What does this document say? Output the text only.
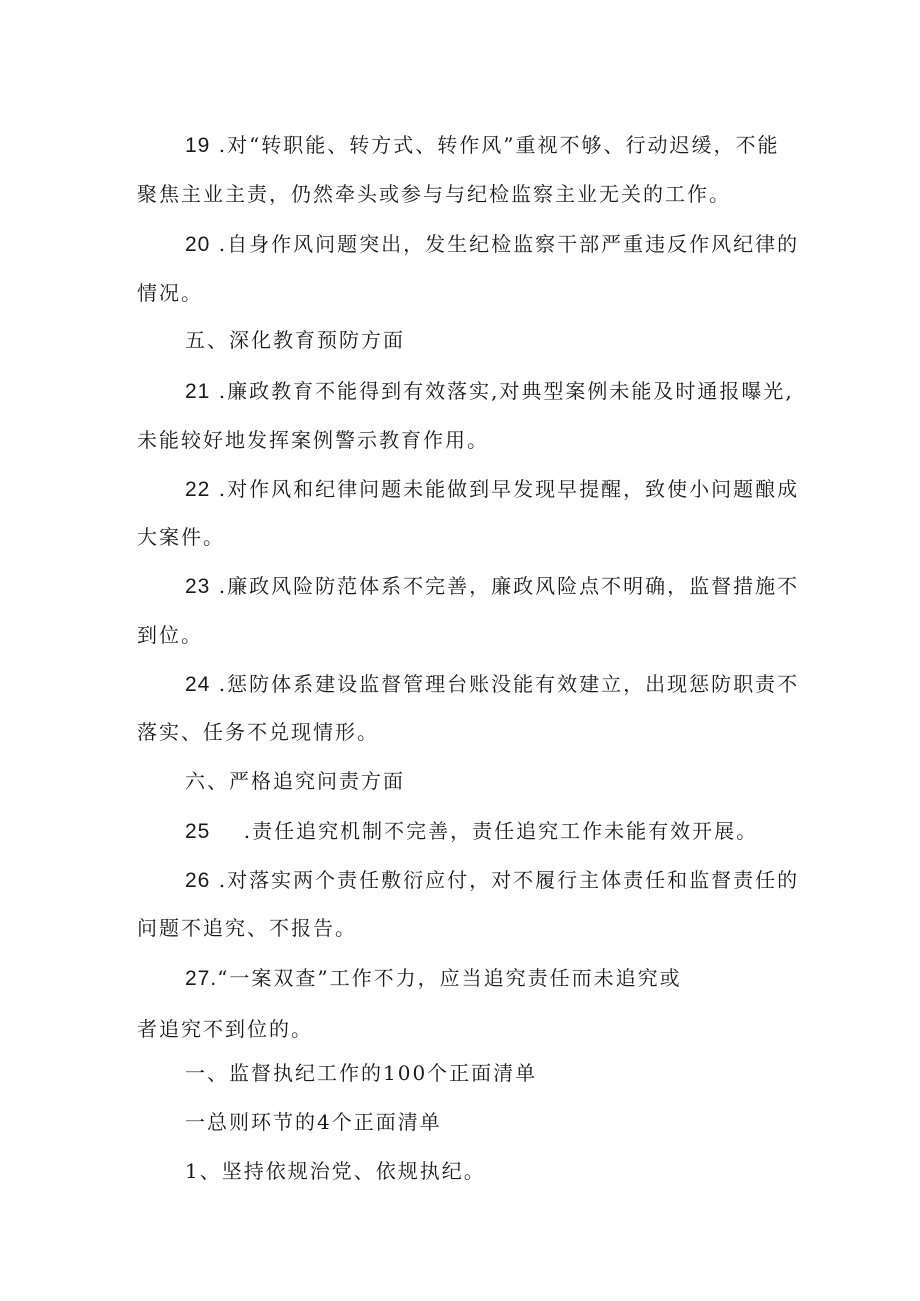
19 .对“转职能、转方式、转作风”重视不够、行动迟缓，不能
聚焦主业主责，仍然牵头或参与与纪检监察主业无关的工作。
20 .自身作风问题突出，发生纪检监察干部严重违反作风纪律的
情况。
五、深化教育预防方面
21 .廉政教育不能得到有效落实,对典型案例未能及时通报曝光,
未能较好地发挥案例警示教育作用。
22 .对作风和纪律问题未能做到早发现早提醒，致使小问题酿成
大案件。
23 .廉政风险防范体系不完善，廉政风险点不明确，监督措施不
到位。
24 .惩防体系建设监督管理台账没能有效建立，出现惩防职责不
落实、任务不兑现情形。
六、严格追究问责方面
25    .责任追究机制不完善，责任追究工作未能有效开展。
26 .对落实两个责任敷衍应付，对不履行主体责任和监督责任的
问题不追究、不报告。
27.“一案双查”工作不力，应当追究责任而未追究或
者追究不到位的。
一、监督执纪工作的100个正面清单
一总则环节的4个正面清单
1、坚持依规治党、依规执纪。
